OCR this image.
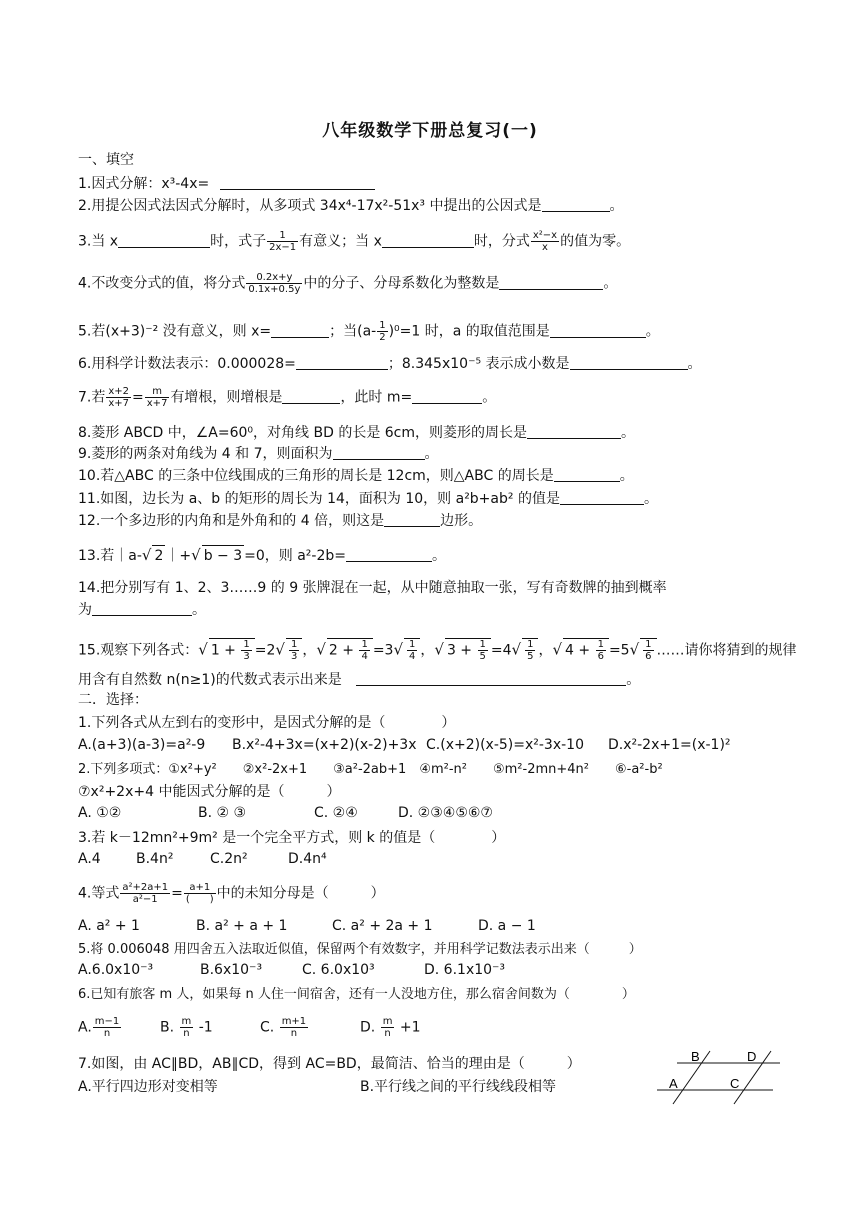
八年级数学下册总复习(一)
一、填空
1.因式分解：x³-4x=
2.用提公因式法因式分解时，从多项式 34x⁴-17x²-51x³ 中提出的公因式是	。
3.当 x	时，式子 $\frac{1}{2x-1}$ 有意义；当 x	时，分式 $\frac{\text{x²−x}}{x}$ 的值为零。
4.不改变分式的值，将分式 $\frac{0.2x+y}{0.1x+0.5y}$ 中的分子、分母系数化为整数是	。
5.若(x+3)⁻² 没有意义，则 x=	；当$(a- \frac{1}{2} )^0=1$ 时，a 的取值范围是	。
6.用科学计数法表示：0.000028=	；8.345x10⁻⁵ 表示成小数是	。
7.若 $\frac{x+2}{x+7} = \frac{m}{x+7}$ 有增根，则增根是	，此时 m=	。
8.菱形 ABCD 中，∠A=60⁰，对角线 BD 的长是 6cm，则菱形的周长是	。
9.菱形的两条对角线为 4 和 7，则面积为	。
10.若△ABC 的三条中位线围成的三角形的周长是 12cm，则△ABC 的周长是	。
11.如图，边长为 a、b 的矩形的周长为 14，面积为 10，则 a²b+ab² 的值是	。
12.一个多边形的内角和是外角和的 4 倍，则这是	边形。
13.若｜a-√ 2 ｜+√ b − 3 =0，则 a²-2b=	。
14.把分别写有 1、2、3……9 的 9 张牌混在一起，从中随意抽取一张，写有奇数牌的抽到概率
为	。
15.观察下列各式：√ $1 + \frac{1}{3} =2√ \frac{1}{3}$ ，√ $2 + \frac{1}{4} =3√ \frac{1}{4}$ ，√ $3 + \frac{1}{5} =4√ \frac{1}{5}$ ，√ $4 + \frac{1}{6} =5√ \frac{1}{6}$ ……请你将猜到的规律
用含有自然数 n(n≥1)的代数式表示出来是	。
二．选择：
1.下列各式从左到右的变形中，是因式分解的是（　　　　）
A.(a+3)(a-3)=a²-9 B.x²-4+3x=(x+2)(x-2)+3x C.(x+2)(x-5)=x²-3x-10 D.x²-2x+1=(x-1)²
2.下列多项式：①x²+y²　　②x²-2x+1　　③a²-2ab+1　④m²-n²　　⑤m²-2mn+4n²　　⑥-a²-b²
⑦x²+2x+4 中能因式分解的是（　　　）
A. ①②	B. ② ③	C. ②④	D. ②③④⑤⑥⑦
3.若 k－12mn²+9m² 是一个完全平方式，则 k 的值是（　　　　）
A.4	B.4n²	C.2n²	D.4n⁴
4.等式 $\frac{\text{a²+2a+1}}{\text{a²−1}} = \frac{a+1}{( )}$ 中的未知分母是（　　　）
A. a² + 1	B. a² + a + 1	C. a² + 2a + 1	D. a − 1
5.将 0.006048 用四舍五入法取近似值，保留两个有效数字，并用科学记数法表示出来（　　　）
A.6.0x10⁻³	B.6x10⁻³	C. 6.0x10³	D. 6.1x10⁻³
6.已知有旅客 m 人，如果每 n 人住一间宿舍，还有一人没地方住，那么宿舍间数为（　　　　）
A. $\frac{m-1}{n}$	B. $\frac{m}{n} -1$	C. $\frac{m+1}{n}$	D. $\frac{m}{n} +1$
7.如图，由 AC∥BD，AB∥CD，得到 AC=BD，最简洁、恰当的理由是（　　　）
A.平行四边形对变相等	B.平行线之间的平行线线段相等
B	D
A	C
